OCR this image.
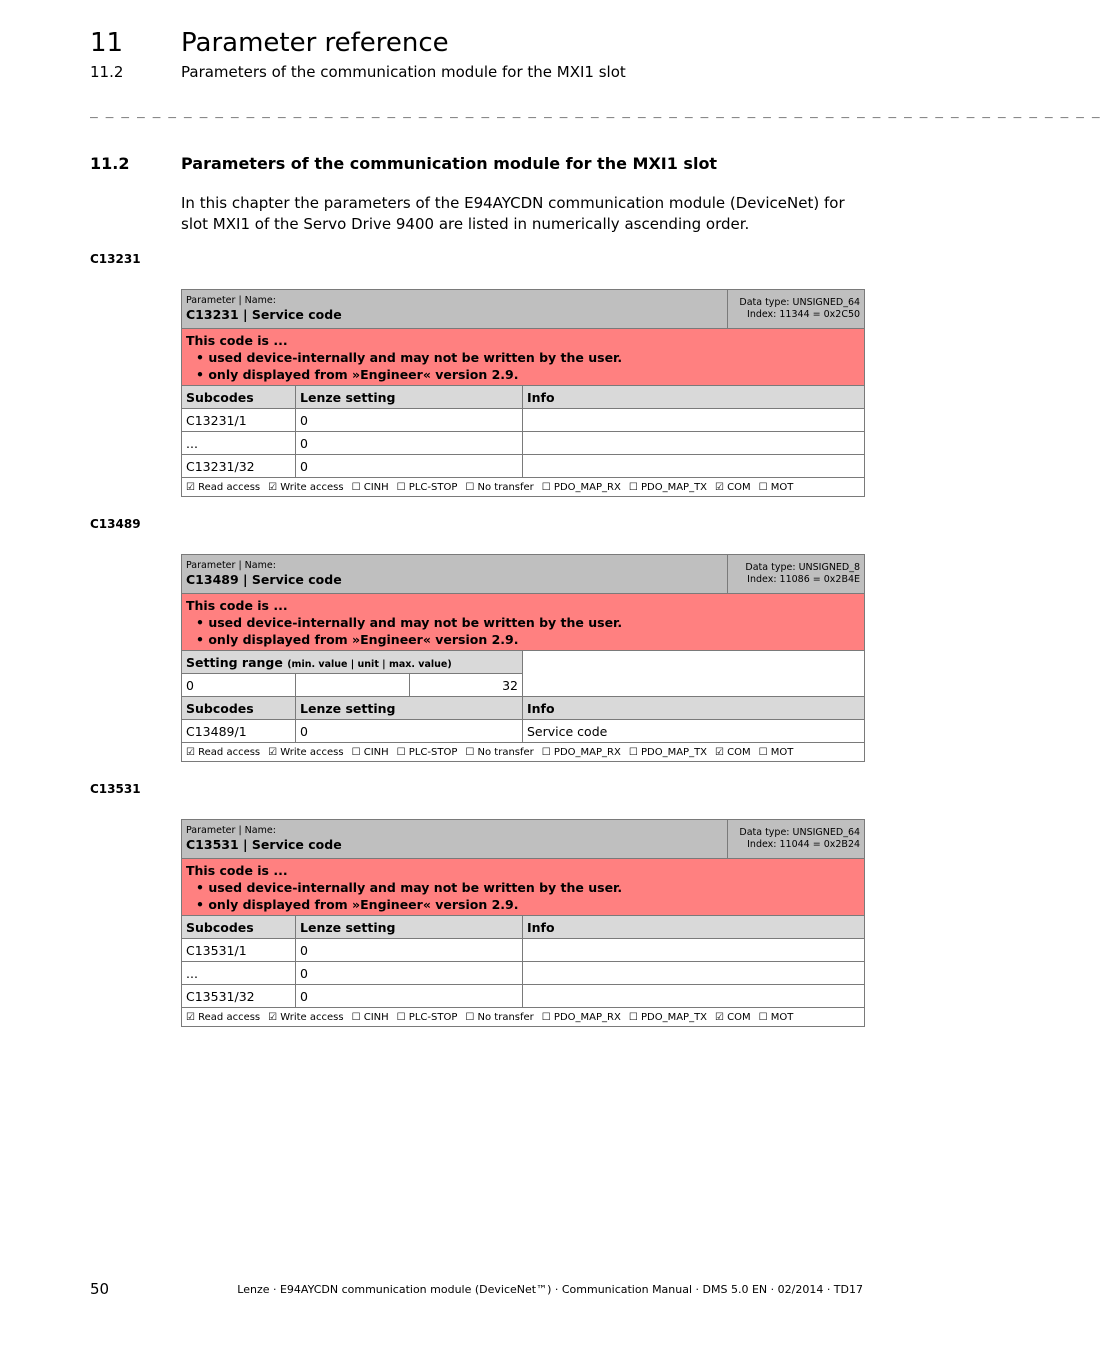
11 Parameter reference
11.2	Parameters of the communication module for the MXI1 slot
_ _ _ _ _ _ _ _ _ _ _ _ _ _ _ _ _ _ _ _ _ _ _ _ _ _ _ _ _ _ _ _ _ _ _ _ _ _ _ _ _ _ _ _ _ _ _ _ _ _ _ _ _ _ _ _ _ _ _ _ _ _ _ _ _
11.2	Parameters of the communication module for the MXI1 slot
In this chapter the parameters of the E94AYCDN communication module (DeviceNet) for slot MXI1 of the Servo Drive 9400 are listed in numerically ascending order.
C13231
Parameter | Name:
C13231 | Service code			Data type: UNSIGNED_64
Index: 11344 = 0x2C50

This code is ...
• used device-internally and may not be written by the user.
• only displayed from »Engineer« version 2.9.			

Subcodes	Lenze setting	Info	
C13231/1	0		
...	0		
C13231/32	0		
☑ Read access ☑ Write access ☐ CINH ☐ PLC-STOP ☐ No transfer ☐ PDO_MAP_RX ☐ PDO_MAP_TX ☑ COM ☐ MOT			
C13489
Parameter | Name:
C13489 | Service code				Data type: UNSIGNED_8
Index: 11086 = 0x2B4E

This code is ...
• used device-internally and may not be written by the user.
• only displayed from »Engineer« version 2.9.				

Setting range (min. value | unit | max. value)				
0		32		
Subcodes	Lenze setting		Info	
C13489/1	0		Service code	
☑ Read access ☑ Write access ☐ CINH ☐ PLC-STOP ☐ No transfer ☐ PDO_MAP_RX ☐ PDO_MAP_TX ☑ COM ☐ MOT				
C13531
Parameter | Name:
C13531 | Service code			Data type: UNSIGNED_64
Index: 11044 = 0x2B24

This code is ...
• used device-internally and may not be written by the user.
• only displayed from »Engineer« version 2.9.			

Subcodes	Lenze setting	Info	
C13531/1	0		
...	0		
C13531/32	0		
☑ Read access ☑ Write access ☐ CINH ☐ PLC-STOP ☐ No transfer ☐ PDO_MAP_RX ☐ PDO_MAP_TX ☑ COM ☐ MOT			
50	Lenze · E94AYCDN communication module (DeviceNet™) · Communication Manual · DMS 5.0 EN · 02/2014 · TD17
